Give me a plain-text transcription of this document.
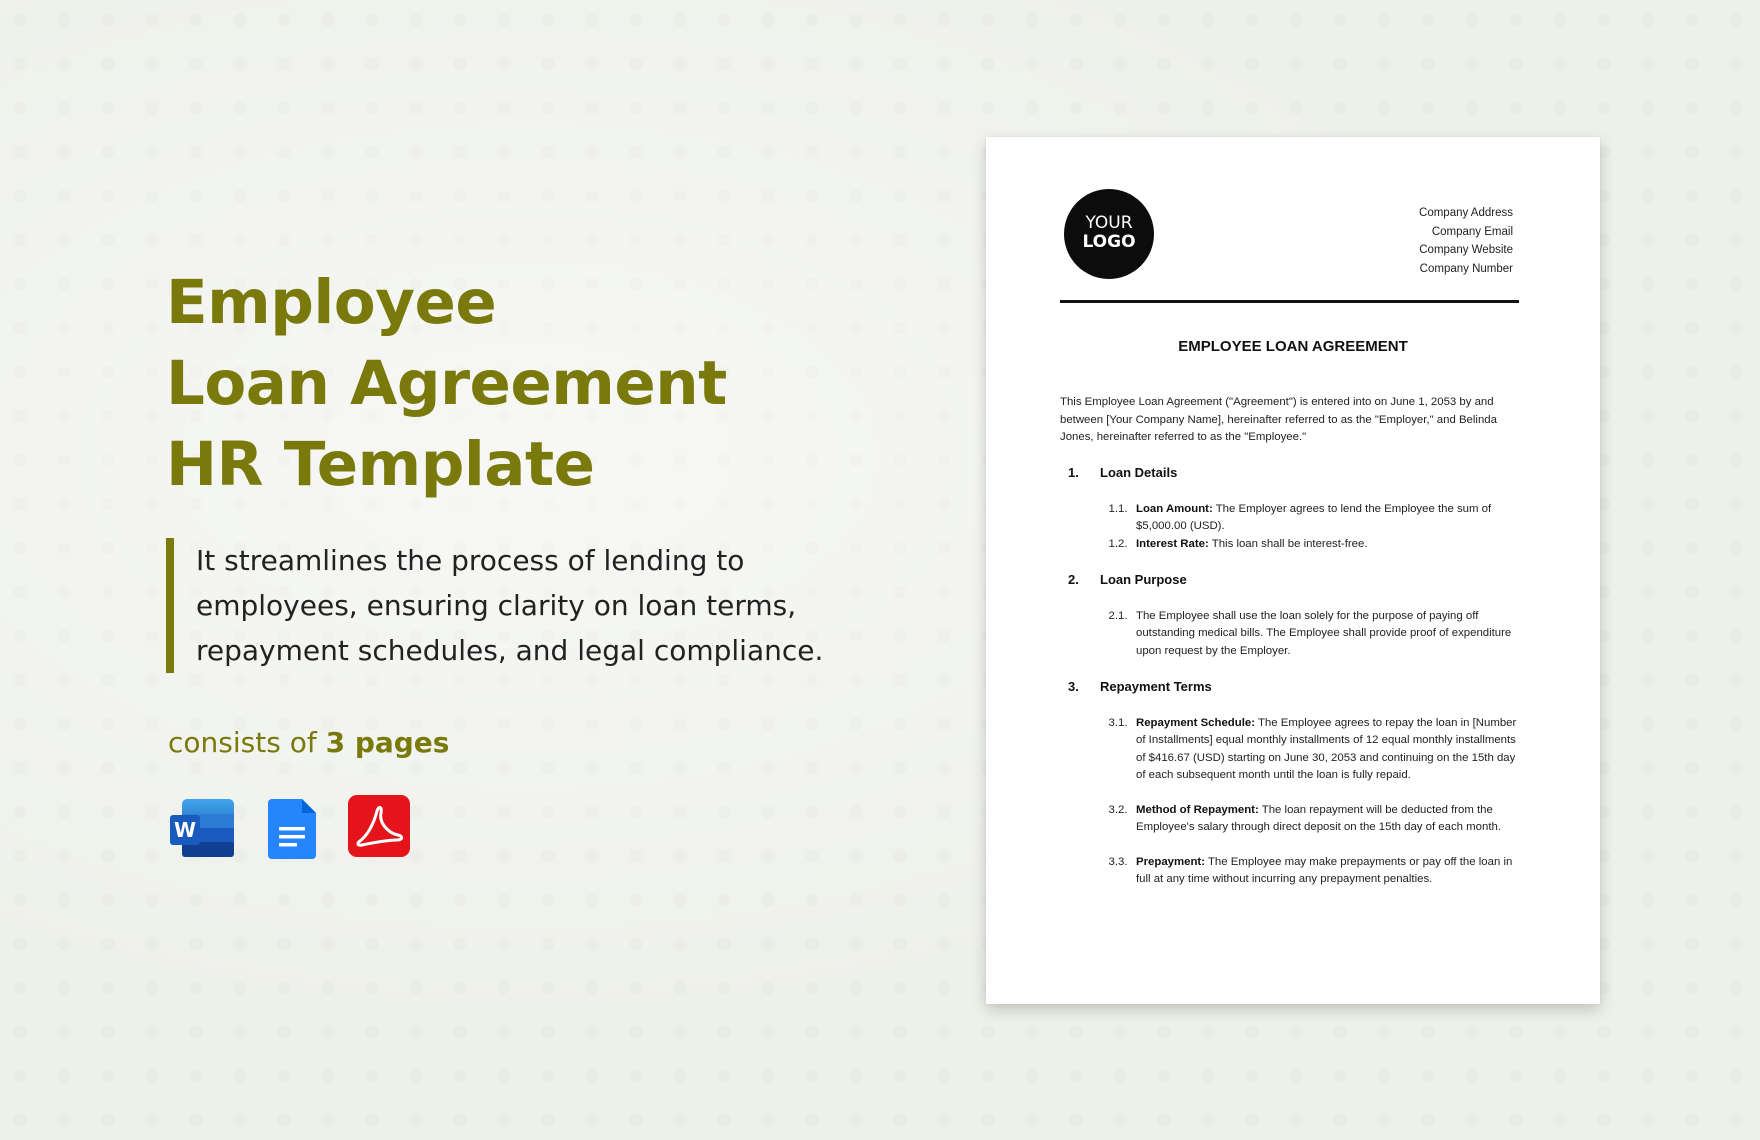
Employee
Loan Agreement
HR Template

It streamlines the process of lending to employees, ensuring clarity on loan terms, repayment schedules, and legal compliance.

consists of 3 pages
W
YOUR
LOGO
Company Address
Company Email
Company Website
Company Number
EMPLOYEE LOAN AGREEMENT

This Employee Loan Agreement ("Agreement") is entered into on June 1, 2053 by and between [Your Company Name], hereinafter referred to as the "Employer," and Belinda Jones, hereinafter referred to as the "Employee."

1. Loan Details
1.1. Loan Amount: The Employer agrees to lend the Employee the sum of $5,000.00 (USD).
1.2. Interest Rate: This loan shall be interest-free.
2. Loan Purpose
2.1. The Employee shall use the loan solely for the purpose of paying off outstanding medical bills. The Employee shall provide proof of expenditure upon request by the Employer.
3. Repayment Terms
3.1. Repayment Schedule: The Employee agrees to repay the loan in [Number of Installments] equal monthly installments of 12 equal monthly installments of $416.67 (USD) starting on June 30, 2053 and continuing on the 15th day of each subsequent month until the loan is fully repaid.
3.2. Method of Repayment: The loan repayment will be deducted from the Employee's salary through direct deposit on the 15th day of each month.
3.3. Prepayment: The Employee may make prepayments or pay off the loan in full at any time without incurring any prepayment penalties.
